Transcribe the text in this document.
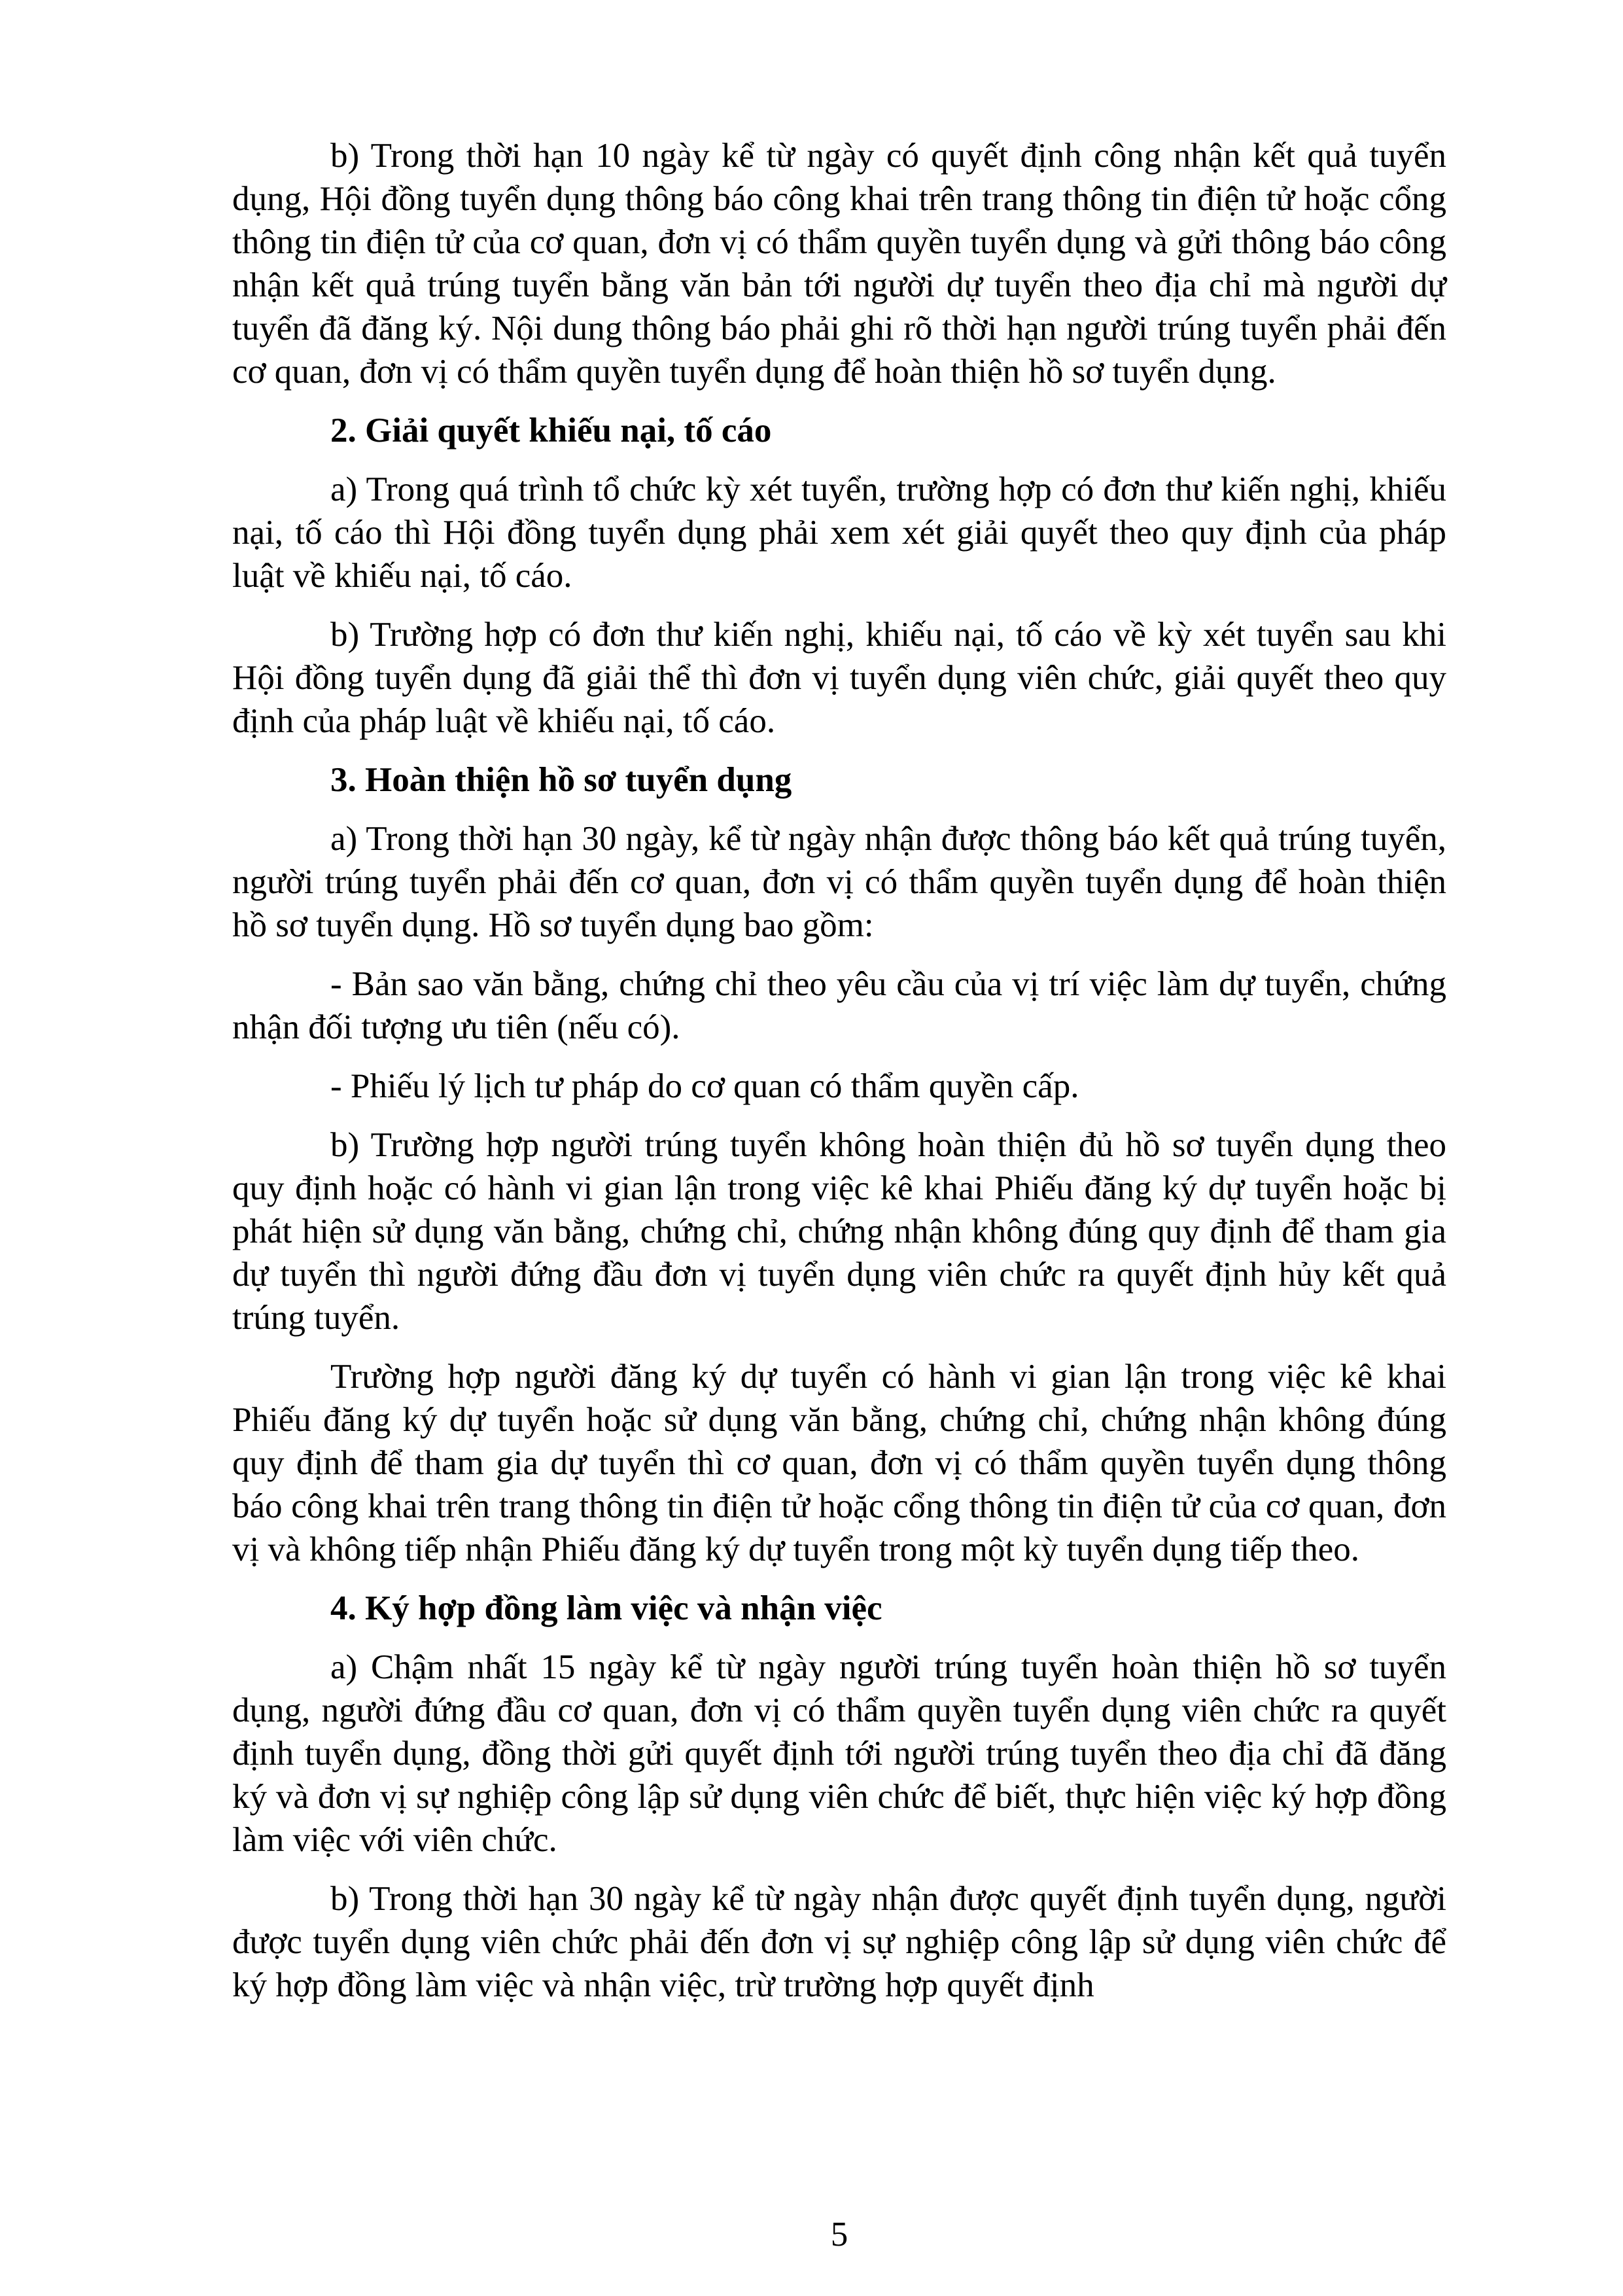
b) Trong thời hạn 10 ngày kể từ ngày có quyết định công nhận kết quả tuyển dụng, Hội đồng tuyển dụng thông báo công khai trên trang thông tin điện tử hoặc cổng thông tin điện tử của cơ quan, đơn vị có thẩm quyền tuyển dụng và gửi thông báo công nhận kết quả trúng tuyển bằng văn bản tới người dự tuyển theo địa chỉ mà người dự tuyển đã đăng ký. Nội dung thông báo phải ghi rõ thời hạn người trúng tuyển phải đến cơ quan, đơn vị có thẩm quyền tuyển dụng để hoàn thiện hồ sơ tuyển dụng.

2. Giải quyết khiếu nại, tố cáo

a) Trong quá trình tổ chức kỳ xét tuyển, trường hợp có đơn thư kiến nghị, khiếu nại, tố cáo thì Hội đồng tuyển dụng phải xem xét giải quyết theo quy định của pháp luật về khiếu nại, tố cáo.

b) Trường hợp có đơn thư kiến nghị, khiếu nại, tố cáo về kỳ xét tuyển sau khi Hội đồng tuyển dụng đã giải thể thì đơn vị tuyển dụng viên chức, giải quyết theo quy định của pháp luật về khiếu nại, tố cáo.

3. Hoàn thiện hồ sơ tuyển dụng

a) Trong thời hạn 30 ngày, kể từ ngày nhận được thông báo kết quả trúng tuyển, người trúng tuyển phải đến cơ quan, đơn vị có thẩm quyền tuyển dụng để hoàn thiện hồ sơ tuyển dụng. Hồ sơ tuyển dụng bao gồm:

- Bản sao văn bằng, chứng chỉ theo yêu cầu của vị trí việc làm dự tuyển, chứng nhận đối tượng ưu tiên (nếu có).

- Phiếu lý lịch tư pháp do cơ quan có thẩm quyền cấp.

b) Trường hợp người trúng tuyển không hoàn thiện đủ hồ sơ tuyển dụng theo quy định hoặc có hành vi gian lận trong việc kê khai Phiếu đăng ký dự tuyển hoặc bị phát hiện sử dụng văn bằng, chứng chỉ, chứng nhận không đúng quy định để tham gia dự tuyển thì người đứng đầu đơn vị tuyển dụng viên chức ra quyết định hủy kết quả trúng tuyển.

Trường hợp người đăng ký dự tuyển có hành vi gian lận trong việc kê khai Phiếu đăng ký dự tuyển hoặc sử dụng văn bằng, chứng chỉ, chứng nhận không đúng quy định để tham gia dự tuyển thì cơ quan, đơn vị có thẩm quyền tuyển dụng thông báo công khai trên trang thông tin điện tử hoặc cổng thông tin điện tử của cơ quan, đơn vị và không tiếp nhận Phiếu đăng ký dự tuyển trong một kỳ tuyển dụng tiếp theo.

4. Ký hợp đồng làm việc và nhận việc

a) Chậm nhất 15 ngày kể từ ngày người trúng tuyển hoàn thiện hồ sơ tuyển dụng, người đứng đầu cơ quan, đơn vị có thẩm quyền tuyển dụng viên chức ra quyết định tuyển dụng, đồng thời gửi quyết định tới người trúng tuyển theo địa chỉ đã đăng ký và đơn vị sự nghiệp công lập sử dụng viên chức để biết, thực hiện việc ký hợp đồng làm việc với viên chức.

b) Trong thời hạn 30 ngày kể từ ngày nhận được quyết định tuyển dụng, người được tuyển dụng viên chức phải đến đơn vị sự nghiệp công lập sử dụng viên chức để ký hợp đồng làm việc và nhận việc, trừ trường hợp quyết định

5
